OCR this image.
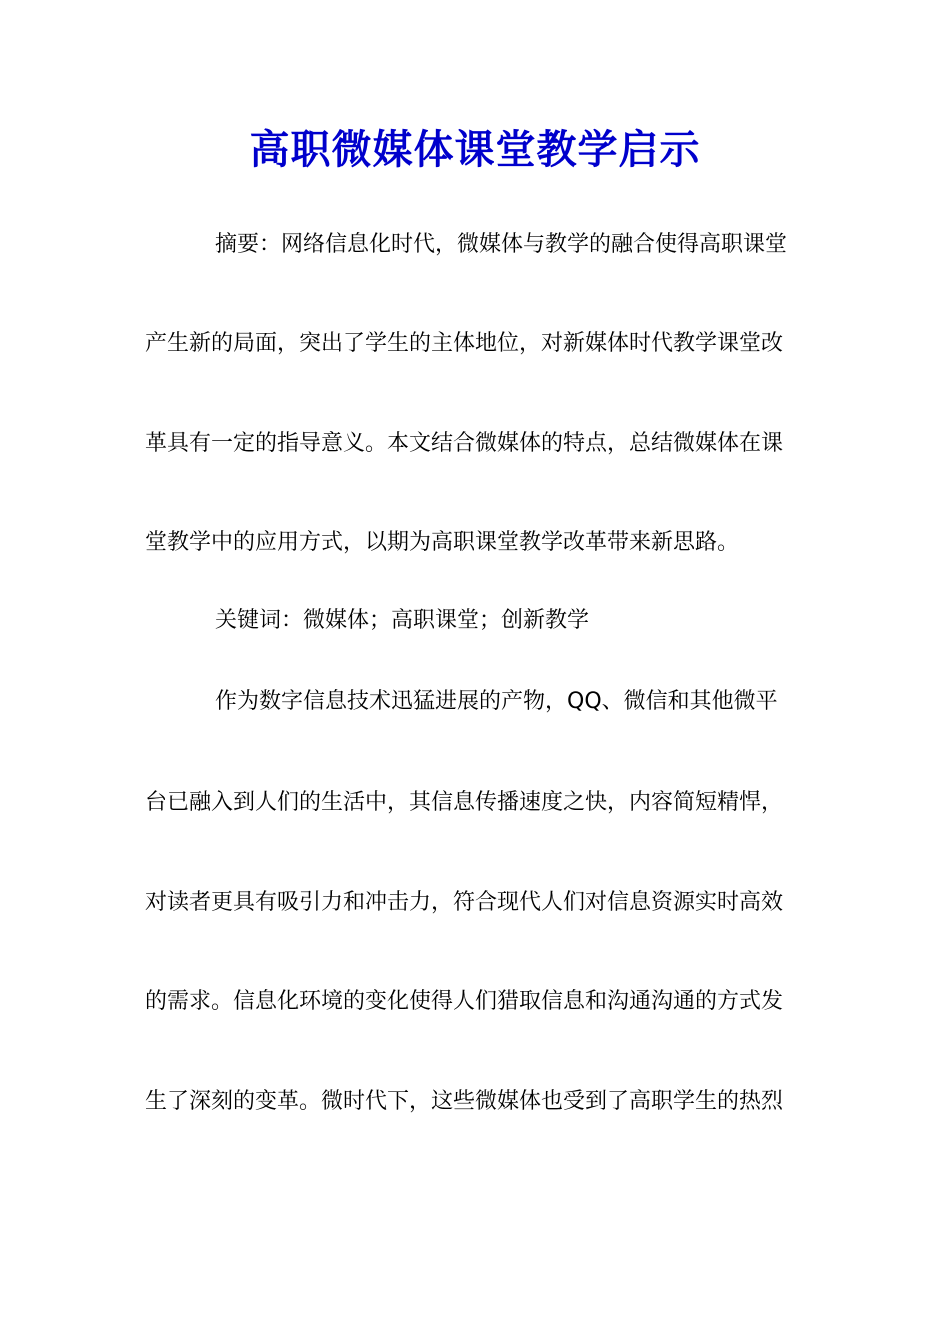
高职微媒体课堂教学启示
摘要：网络信息化时代，微媒体与教学的融合使得高职课堂
产生新的局面，突出了学生的主体地位，对新媒体时代教学课堂改
革具有一定的指导意义。本文结合微媒体的特点，总结微媒体在课
堂教学中的应用方式，以期为高职课堂教学改革带来新思路。
关键词：微媒体；高职课堂；创新教学
作为数字信息技术迅猛进展的产物，QQ、微信和其他微平
台已融入到人们的生活中，其信息传播速度之快，内容简短精悍，
对读者更具有吸引力和冲击力，符合现代人们对信息资源实时高效
的需求。信息化环境的变化使得人们猎取信息和沟通沟通的方式发
生了深刻的变革。微时代下，这些微媒体也受到了高职学生的热烈
